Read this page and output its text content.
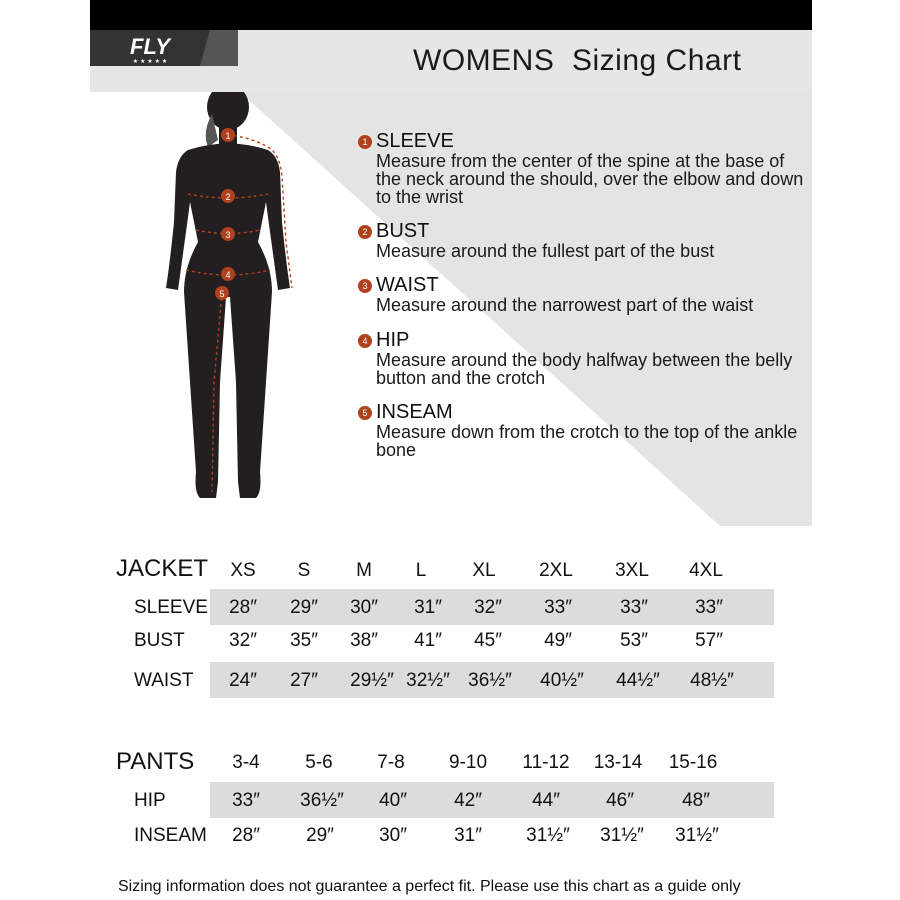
FLY
★ ★ ★ ★ ★	WOMENS  Sizing Chart
1
2
3
4
5
1 SLEEVE
Measure from the center of the spine at the base of the neck around the should, over the elbow and down to the wrist
2 BUST
Measure around the fullest part of the bust
3 WAIST
Measure around the narrowest part of the waist
4 HIP
Measure around the body halfway between the belly button and the crotch
5 INSEAM
Measure down from the crotch to the top of the ankle bone
JACKET	XS	S	M	L	XL	2XL	3XL	4XL
SLEEVE	28″	29″	30″	31″	32″	33″	33″	33″
BUST	32″	35″	38″	41″	45″	49″	53″	57″
WAIST	24″	27″	29½″ 32½″ 36½″	40½″	44½″	48½″
PANTS	3-4	5-6	7-8	9-10	11-12	13-14	15-16
HIP	33″	36½″	40″	42″	44″	46″	48″
INSEAM	28″	29″	30″	31″	31½″	31½″	31½″
Sizing information does not guarantee a perfect fit. Please use this chart as a guide only
